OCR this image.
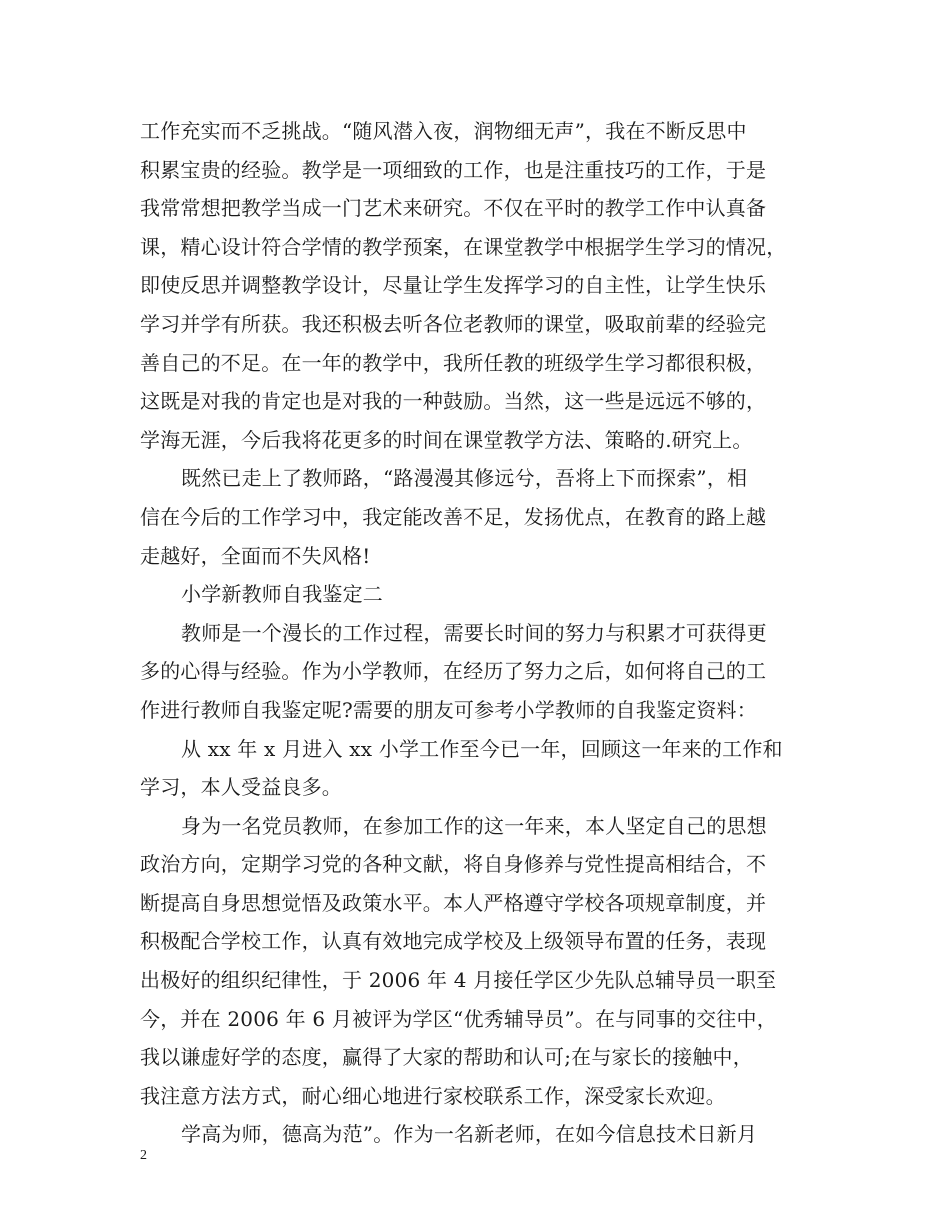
工作充实而不乏挑战。“随风潜入夜，润物细无声”，我在不断反思中
积累宝贵的经验。教学是一项细致的工作，也是注重技巧的工作，于是
我常常想把教学当成一门艺术来研究。不仅在平时的教学工作中认真备
课，精心设计符合学情的教学预案，在课堂教学中根据学生学习的情况，
即使反思并调整教学设计，尽量让学生发挥学习的自主性，让学生快乐
学习并学有所获。我还积极去听各位老教师的课堂，吸取前辈的经验完
善自己的不足。在一年的教学中，我所任教的班级学生学习都很积极，
这既是对我的肯定也是对我的一种鼓励。当然，这一些是远远不够的，
学海无涯，今后我将花更多的时间在课堂教学方法、策略的.研究上。
既然已走上了教师路，“路漫漫其修远兮，吾将上下而探索”，相
信在今后的工作学习中，我定能改善不足，发扬优点，在教育的路上越
走越好，全面而不失风格!
小学新教师自我鉴定二
教师是一个漫长的工作过程，需要长时间的努力与积累才可获得更
多的心得与经验。作为小学教师，在经历了努力之后，如何将自己的工
作进行教师自我鉴定呢?需要的朋友可参考小学教师的自我鉴定资料：
从 xx 年 x 月进入 xx 小学工作至今已一年，回顾这一年来的工作和
学习，本人受益良多。
身为一名党员教师，在参加工作的这一年来，本人坚定自己的思想
政治方向，定期学习党的各种文献，将自身修养与党性提高相结合，不
断提高自身思想觉悟及政策水平。本人严格遵守学校各项规章制度，并
积极配合学校工作，认真有效地完成学校及上级领导布置的任务，表现
出极好的组织纪律性，于 2006 年 4 月接任学区少先队总辅导员一职至
今，并在 2006 年 6 月被评为学区“优秀辅导员”。在与同事的交往中，
我以谦虚好学的态度，赢得了大家的帮助和认可;在与家长的接触中，
我注意方法方式，耐心细心地进行家校联系工作，深受家长欢迎。
学高为师，德高为范”。作为一名新老师，在如今信息技术日新月
2
